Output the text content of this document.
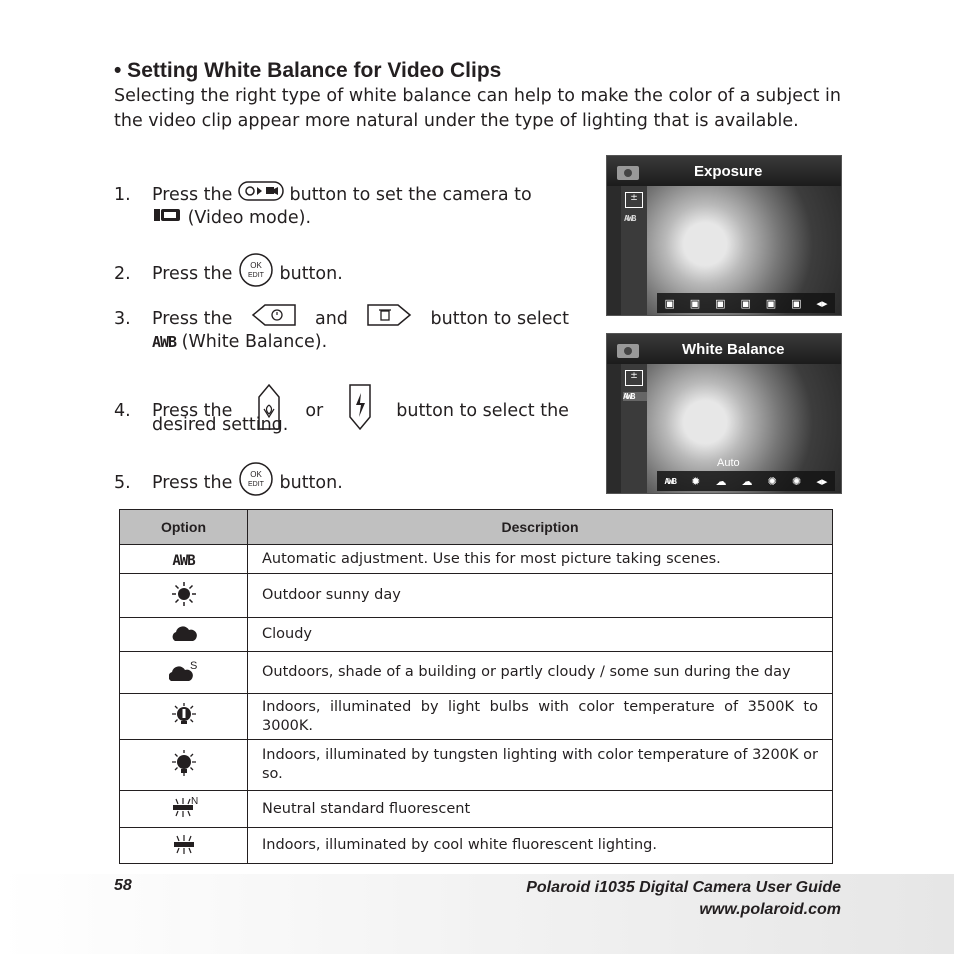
• Setting White Balance for Video Clips
Selecting the right type of white balance can help to make the color of a subject in the video clip appear more natural under the type of lighting that is available.
1.	Press the

	button to set the camera to

(Video mode).
2.	Press the
OK
EDIT
button.
3. Press the	and	button to select
AWB
(White Balance).
4. Press the	or	button to select the
desired setting.
5.	Press the
OK
EDIT
button.
±
AWB
Exposure
▣ ▣ ▣ ▣ ▣ ▣ ◂▸
±
AWB
White Balance
Auto
AWB ✹ ☁ ☁ ✺ ✺ ◂▸
Option	Description
AWB	Automatic adjustment. Use this for most picture taking scenes.
	Outdoor sunny day
	Cloudy

S	Outdoors, shade of a building or partly cloudy / some sun during the day
	Indoors, illuminated by light bulbs with color temperature of 3500K to 3000K.
	Indoors, illuminated by tungsten lighting with color temperature of 3200K or so.

N	Neutral standard fluorescent
	Indoors, illuminated by cool white fluorescent lighting.
58	Polaroid i1035 Digital Camera User Guide
www.polaroid.com
